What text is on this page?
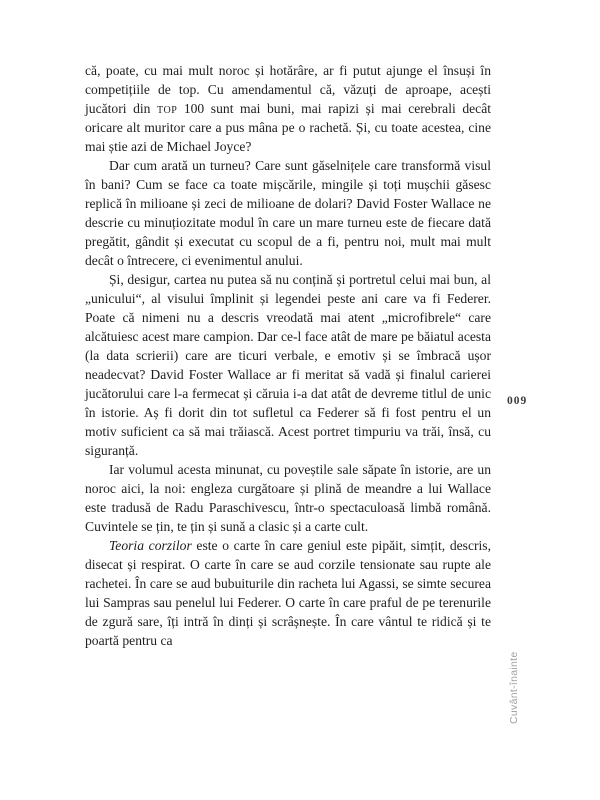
că, poate, cu mai mult noroc și hotărâre, ar fi putut ajunge el însuși în competițiile de top. Cu amendamentul că, văzuți de aproape, acești jucători din top 100 sunt mai buni, mai rapizi și mai cerebrali decât oricare alt muritor care a pus mâna pe o rachetă. Și, cu toate acestea, cine mai știe azi de Michael Joyce?

Dar cum arată un turneu? Care sunt găselnițele care transformă visul în bani? Cum se face ca toate mișcările, mingile și toți mușchii găsesc replică în milioane și zeci de milioane de dolari? David Foster Wallace ne descrie cu minuțiozitate modul în care un mare turneu este de fiecare dată pregătit, gândit și executat cu scopul de a fi, pentru noi, mult mai mult decât o întrecere, ci evenimentul anului.

Și, desigur, cartea nu putea să nu conțină și portretul celui mai bun, al „unicului“, al visului împlinit și legendei peste ani care va fi Federer. Poate că nimeni nu a descris vreodată mai atent „microfibrele“ care alcătuiesc acest mare campion. Dar ce-l face atât de mare pe băiatul acesta (la data scrierii) care are ticuri verbale, e emotiv și se îmbracă ușor neadecvat? David Foster Wallace ar fi meritat să vadă și finalul carierei jucătorului care l-a fermecat și căruia i-a dat atât de devreme titlul de unic în istorie. Aș fi dorit din tot sufletul ca Federer să fi fost pentru el un motiv suficient ca să mai trăiască. Acest portret timpuriu va trăi, însă, cu siguranță.

Iar volumul acesta minunat, cu poveștile sale săpate în istorie, are un noroc aici, la noi: engleza curgătoare și plină de meandre a lui Wallace este tradusă de Radu Paraschivescu, într-o spectaculoasă limbă română. Cuvintele se țin, te țin și sună a clasic și a carte cult.

Teoria corzilor este o carte în care geniul este pipăit, simțit, descris, disecat și respirat. O carte în care se aud corzile tensionate sau rupte ale rachetei. În care se aud bubuiturile din racheta lui Agassi, se simte securea lui Sampras sau penelul lui Federer. O carte în care praful de pe terenurile de zgură sare, îți intră în dinți și scrâșnește. În care vântul te ridică și te poartă pentru ca

009
Cuvânt-înainte
